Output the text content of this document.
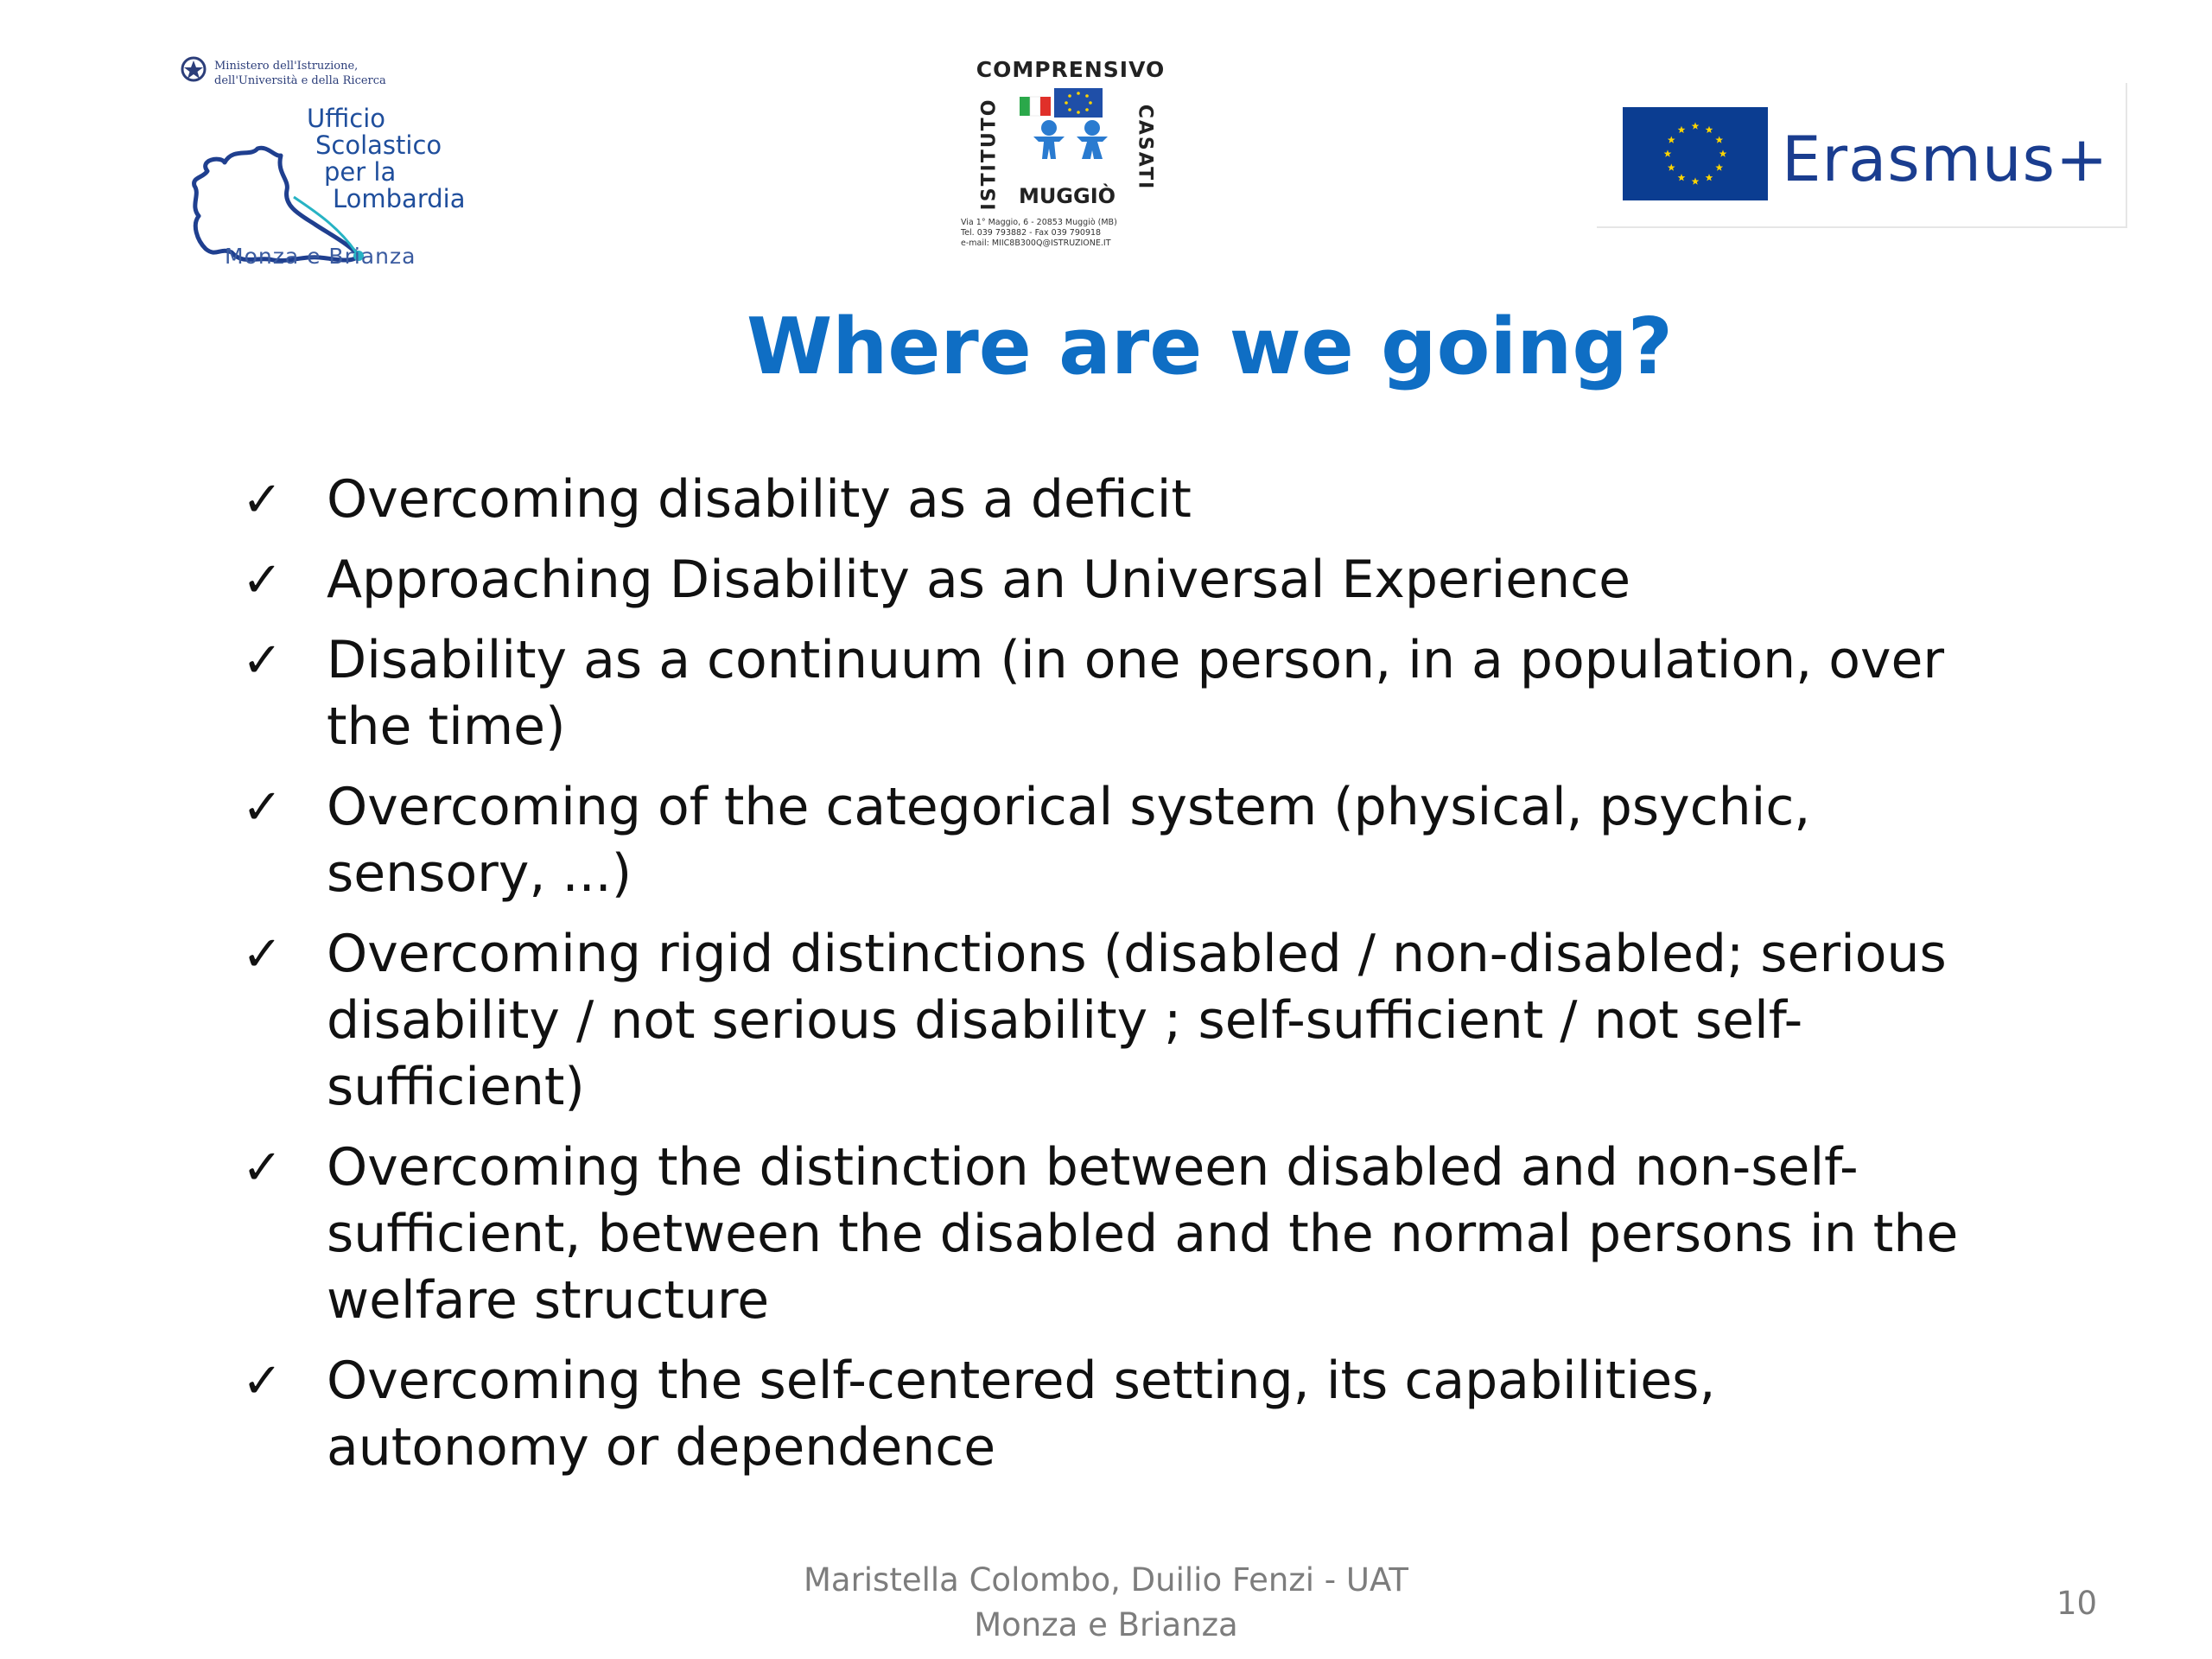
Ministero dell'Istruzione,
dell'Università e della Ricerca
Ufficio
Scolastico
per la
Lombardia
Monza e Brianza
COMPRENSIVO
ISTITUTO	CASATI
MUGGIÒ
Via 1° Maggio, 6 - 20853 Muggiò (MB)
Tel. 039 793882 - Fax 039 790918
e-mail: MIIC8B300Q@ISTRUZIONE.IT
Erasmus+
Where are we going?
✓ Overcoming disability as a deficit
✓ Approaching Disability as an Universal Experience
✓ Disability as a continuum (in one person, in a population, over the time)
✓ Overcoming of the categorical system (physical, psychic, sensory, ...)
✓ Overcoming rigid distinctions (disabled / non-disabled; serious disability / not serious disability ; self-sufficient / not self-sufficient)
✓ Overcoming the distinction between disabled and non-self-sufficient, between the disabled and the normal persons in the welfare structure
✓ Overcoming the self-centered setting, its capabilities, autonomy or dependence
Maristella Colombo, Duilio Fenzi - UAT
Monza e Brianza
10
